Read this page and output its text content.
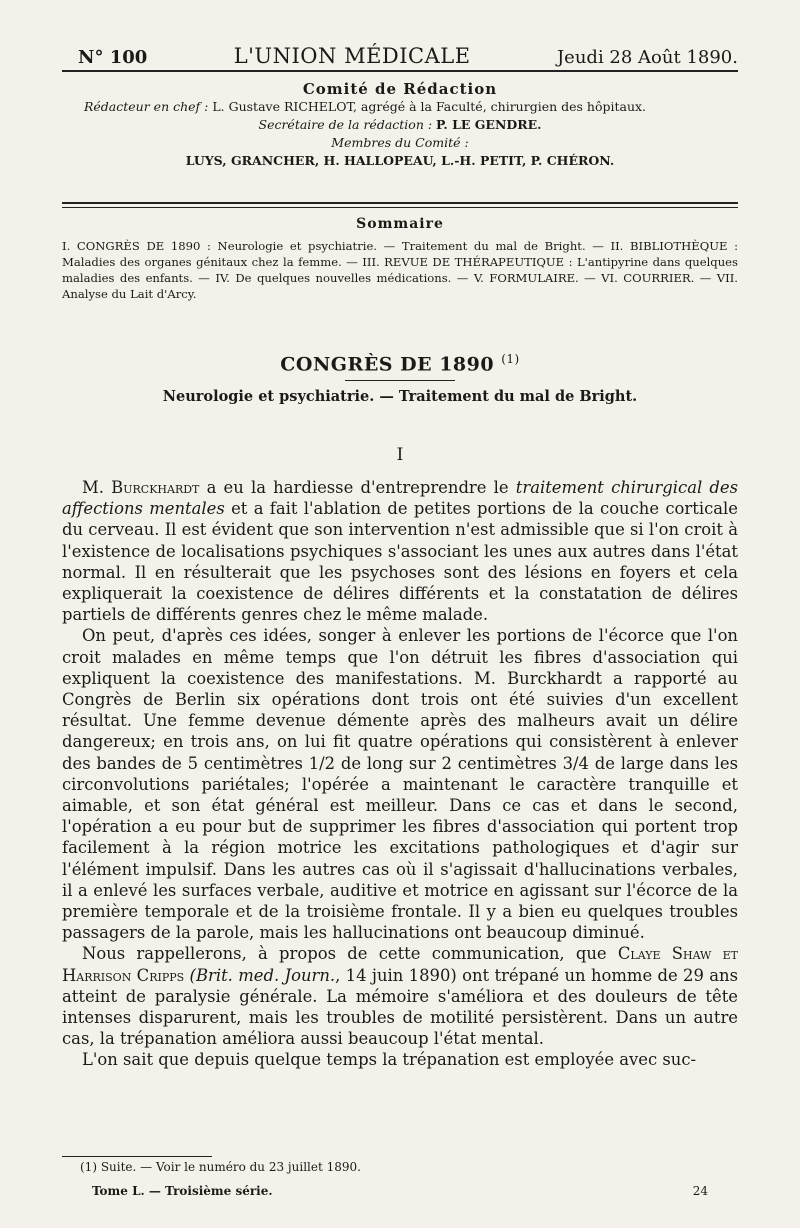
N° 100	L'UNION MÉDICALE	Jeudi 28 Août 1890.
Comité de Rédaction
Rédacteur en chef : L. Gustave RICHELOT, agrégé à la Faculté, chirurgien des hôpitaux.
Secrétaire de la rédaction : P. LE GENDRE.
Membres du Comité :
LUYS, GRANCHER, H. HALLOPEAU, L.-H. PETIT, P. CHÉRON.
Sommaire
I. CONGRÈS DE 1890 : Neurologie et psychiatrie. — Traitement du mal de Bright. — II. BIBLIOTHÈQUE : Maladies des organes génitaux chez la femme. — III. REVUE DE THÉRAPEUTIQUE : L'antipyrine dans quelques maladies des enfants. — IV. De quelques nouvelles médications. — V. FORMULAIRE. — VI. COURRIER. — VII. Analyse du Lait d'Arcy.
CONGRÈS DE 1890 $^{(1)}$
Neurologie et psychiatrie. — Traitement du mal de Bright.
I

M. Burckhardt a eu la hardiesse d'entreprendre le traitement chirurgical des affections mentales et a fait l'ablation de petites portions de la couche corticale du cerveau. Il est évident que son intervention n'est admissible que si l'on croit à l'existence de localisations psychiques s'associant les unes aux autres dans l'état normal. Il en résulterait que les psychoses sont des lésions en foyers et cela expliquerait la coexistence de délires différents et la constatation de délires partiels de différents genres chez le même malade.

On peut, d'après ces idées, songer à enlever les portions de l'écorce que l'on croit malades en même temps que l'on détruit les fibres d'association qui expliquent la coexistence des manifestations. M. Burckhardt a rapporté au Congrès de Berlin six opérations dont trois ont été suivies d'un excellent résultat. Une femme devenue démente après des malheurs avait un délire dangereux; en trois ans, on lui fit quatre opérations qui consistèrent à enlever des bandes de 5 centimètres 1/2 de long sur 2 centimètres 3/4 de large dans les circonvolutions pariétales; l'opérée a maintenant le caractère tranquille et aimable, et son état général est meilleur. Dans ce cas et dans le second, l'opération a eu pour but de supprimer les fibres d'association qui portent trop facilement à la région motrice les excitations pathologiques et d'agir sur l'élément impulsif. Dans les autres cas où il s'agissait d'hallucinations verbales, il a enlevé les surfaces verbale, auditive et motrice en agissant sur l'écorce de la première temporale et de la troisième frontale. Il y a bien eu quelques troubles passagers de la parole, mais les hallucinations ont beaucoup diminué.

Nous rappellerons, à propos de cette communication, que Claye Shaw et Harrison Cripps (Brit. med. Journ., 14 juin 1890) ont trépané un homme de 29 ans atteint de paralysie générale. La mémoire s'améliora et des douleurs de tête intenses disparurent, mais les troubles de motilité persistèrent. Dans un autre cas, la trépanation améliora aussi beaucoup l'état mental.

L'on sait que depuis quelque temps la trépanation est employée avec suc-

(1) Suite. — Voir le numéro du 23 juillet 1890.
Tome L. — Troisième série.	24
